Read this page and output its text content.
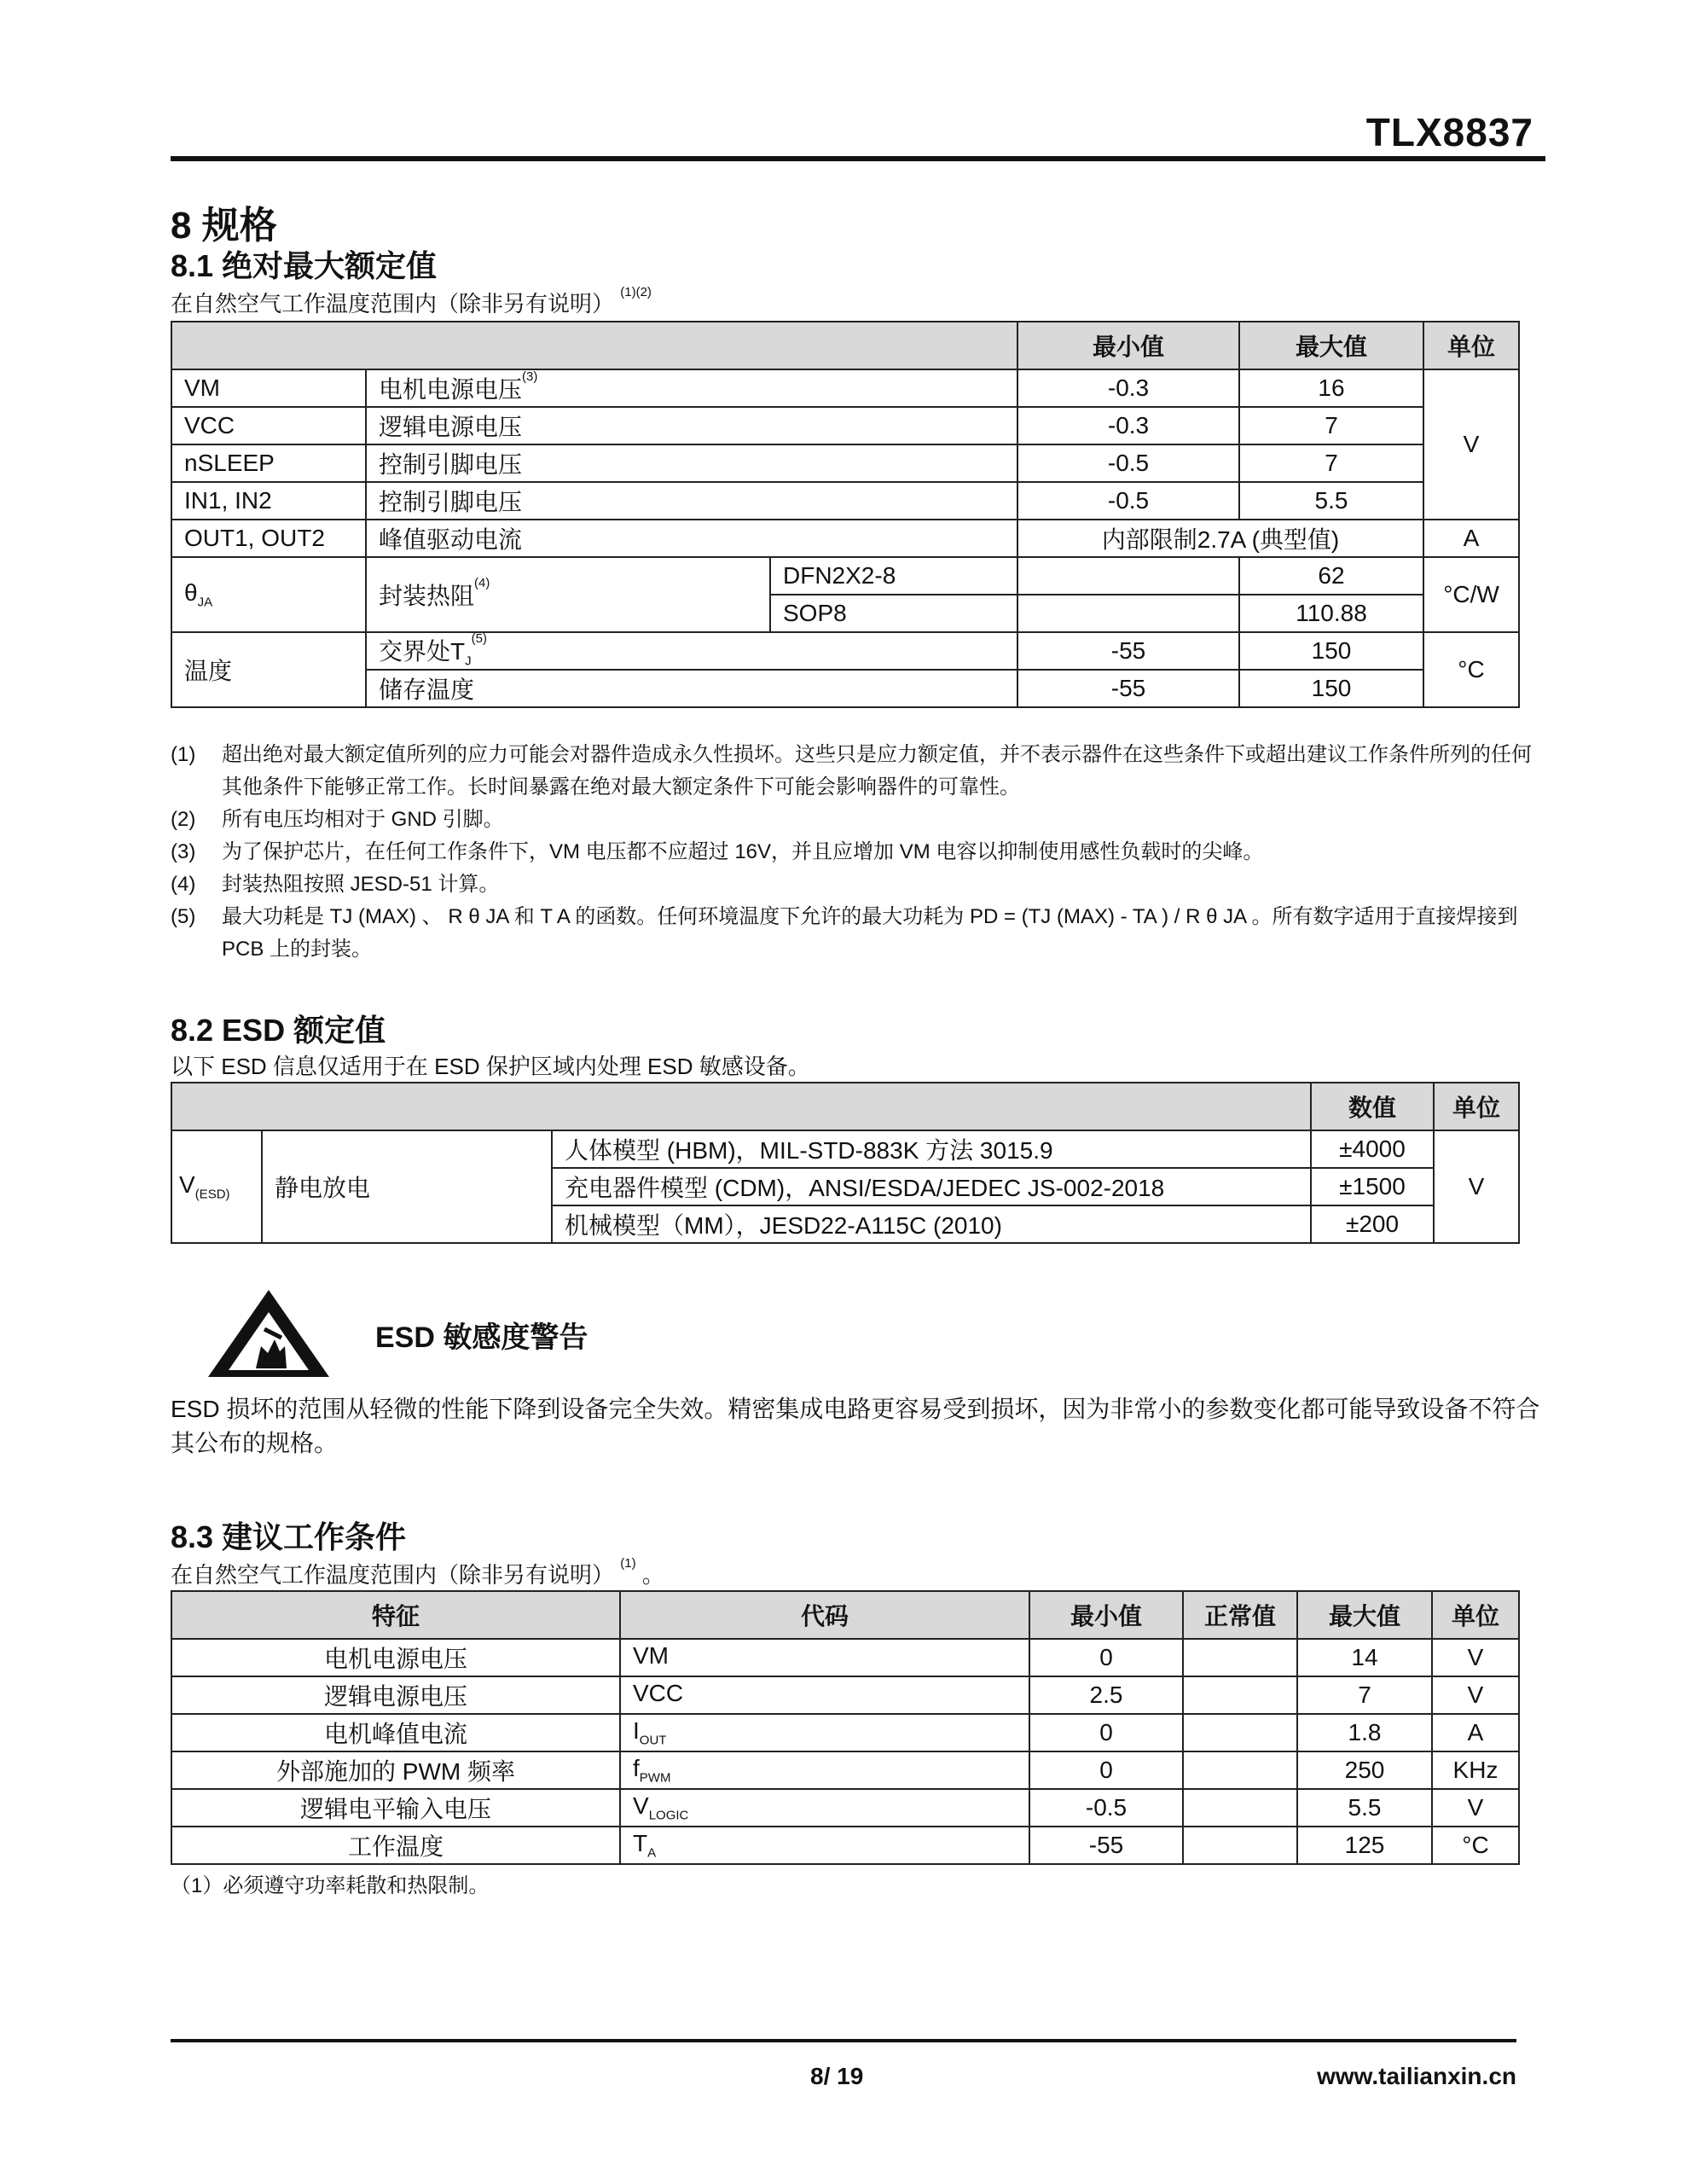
TLX8837
8 规格
8.1 绝对最大额定值
在自然空气工作温度范围内（除非另有说明） $^{(1)(2)}$
			最小值	最大值	单位
VM	电机电源电压$^{(3)}$		-0.3	16	V
VCC	逻辑电源电压		-0.3	7	
nSLEEP	控制引脚电压		-0.5	7	
IN1, IN2	控制引脚电压		-0.5	5.5	
OUT1, OUT2	峰值驱动电流		内部限制2.7A (典型值)		A
$\theta_{JA}$	封装热阻$^{(4)}$	DFN2X2-8		62	°C/W
		SOP8		110.88	
温度	交界处$T_J^{(5)}$		-55	150	°C
	储存温度		-55	150	
(1)	超出绝对最大额定值所列的应力可能会对器件造成永久性损坏。这些只是应力额定值，并不表示器件在这些条件下或超出建议工作条件所列的任何其他条件下能够正常工作。长时间暴露在绝对最大额定条件下可能会影响器件的可靠性。
(2)	所有电压均相对于 GND 引脚。
(3)	为了保护芯片，在任何工作条件下，VM 电压都不应超过 16V，并且应增加 VM 电容以抑制使用感性负载时的尖峰。
(4)	封装热阻按照 JESD-51 计算。
(5)	最大功耗是 TJ (MAX) 、 R θ JA 和 T A 的函数。任何环境温度下允许的最大功耗为 PD = (TJ (MAX) - TA ) / R θ JA 。所有数字适用于直接焊接到 PCB 上的封装。
8.2 ESD 额定值
以下 ESD 信息仅适用于在 ESD 保护区域内处理 ESD 敏感设备。
			数值	单位
$V_{(ESD)}$	静电放电	人体模型 (HBM)，MIL-STD-883K 方法 3015.9	±4000	V
		充电器件模型 (CDM)，ANSI/ESDA/JEDEC JS-002-2018	±1500	
		机械模型（MM），JESD22-A115C (2010)	±200	
ESD 敏感度警告
ESD 损坏的范围从轻微的性能下降到设备完全失效。精密集成电路更容易受到损坏，因为非常小的参数变化都可能导致设备不符合其公布的规格。
8.3 建议工作条件
在自然空气工作温度范围内（除非另有说明） $^{(1)}$ 。
特征	代码	最小值	正常值	最大值	单位
电机电源电压	VM	0		14	V
逻辑电源电压	VCC	2.5		7	V
电机峰值电流	$I_{OUT}$	0		1.8	A
外部施加的 PWM 频率	$f_{PWM}$	0		250	KHz
逻辑电平输入电压	$V_{LOGIC}$	-0.5		5.5	V
工作温度	$T_A$	-55		125	°C
（1）必须遵守功率耗散和热限制。
8/ 19	www.tailianxin.cn
